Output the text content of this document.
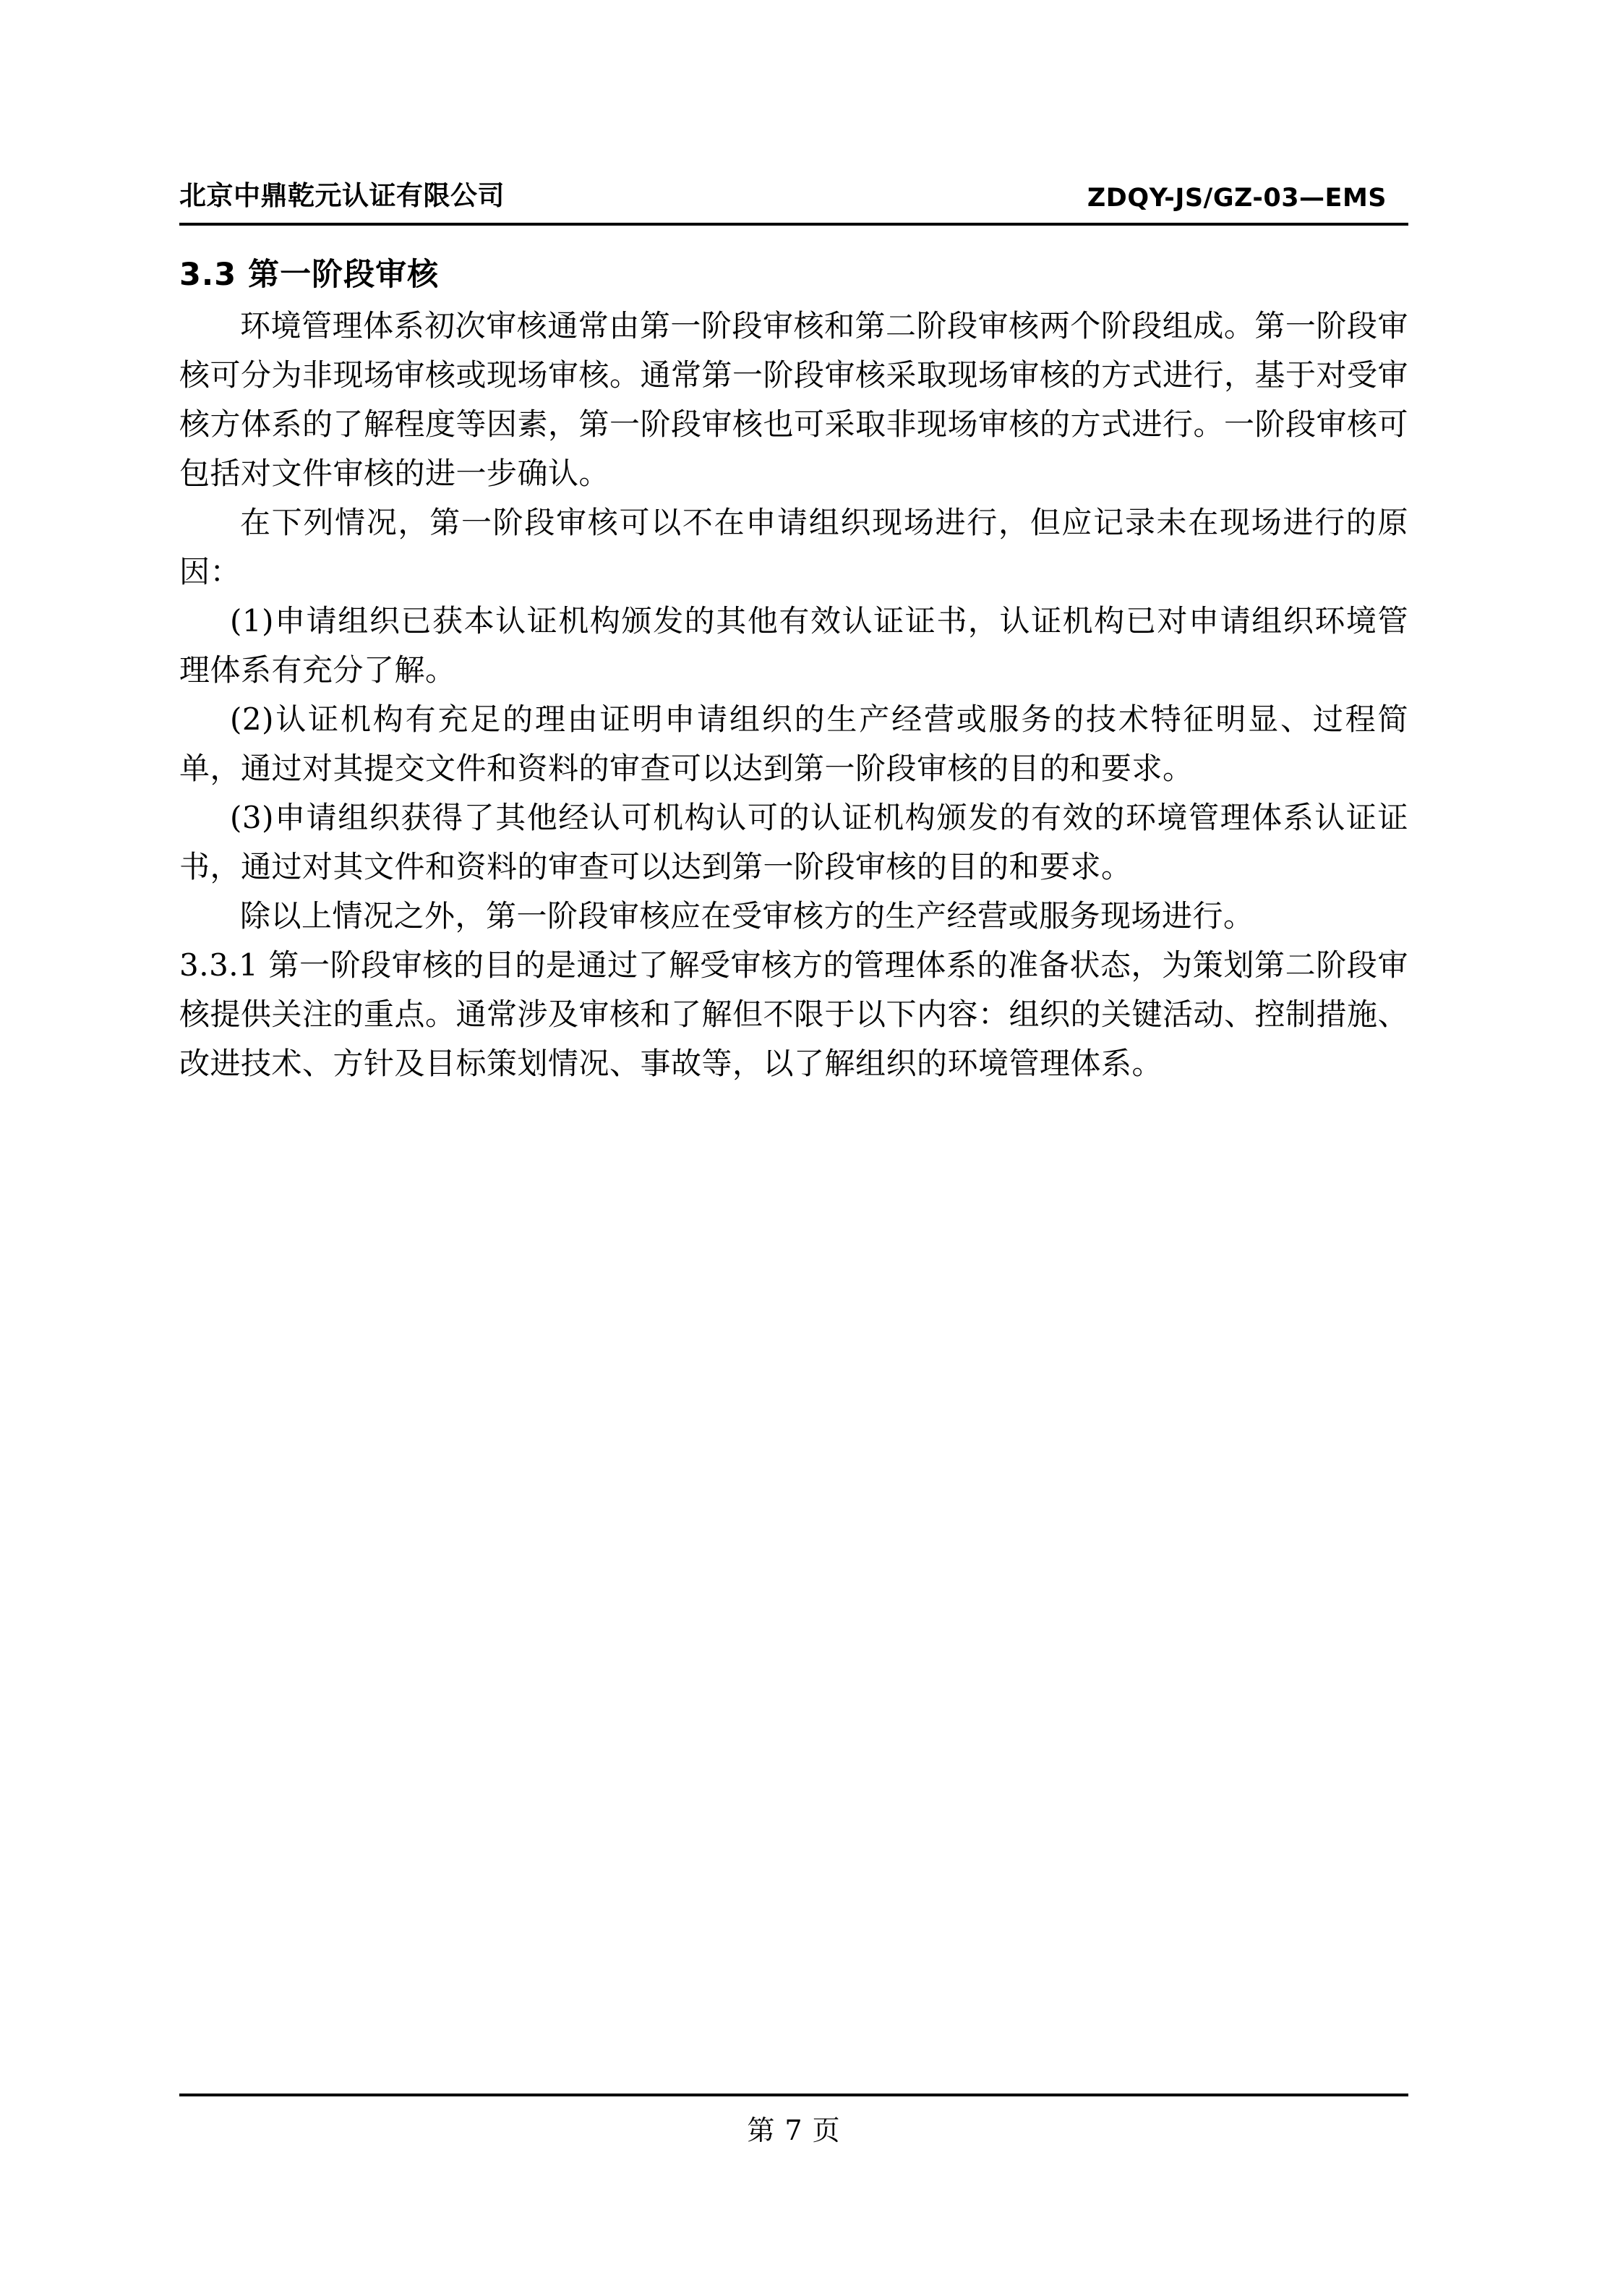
北京中鼎乾元认证有限公司	ZDQY-JS/GZ-03—EMS
3.3 第一阶段审核

环境管理体系初次审核通常由第一阶段审核和第二阶段审核两个阶段组成。第一阶段审核可分为非现场审核或现场审核。通常第一阶段审核采取现场审核的方式进行，基于对受审核方体系的了解程度等因素，第一阶段审核也可采取非现场审核的方式进行。一阶段审核可包括对文件审核的进一步确认。

在下列情况，第一阶段审核可以不在申请组织现场进行，但应记录未在现场进行的原因：

(1)申请组织已获本认证机构颁发的其他有效认证证书，认证机构已对申请组织环境管理体系有充分了解。

(2)认证机构有充足的理由证明申请组织的生产经营或服务的技术特征明显、过程简单，通过对其提交文件和资料的审查可以达到第一阶段审核的目的和要求。

(3)申请组织获得了其他经认可机构认可的认证机构颁发的有效的环境管理体系认证证书，通过对其文件和资料的审查可以达到第一阶段审核的目的和要求。

除以上情况之外，第一阶段审核应在受审核方的生产经营或服务现场进行。

3.3.1 第一阶段审核的目的是通过了解受审核方的管理体系的准备状态，为策划第二阶段审核提供关注的重点。通常涉及审核和了解但不限于以下内容：组织的关键活动、控制措施、改进技术、方针及目标策划情况、事故等，以了解组织的环境管理体系。

第 7 页
